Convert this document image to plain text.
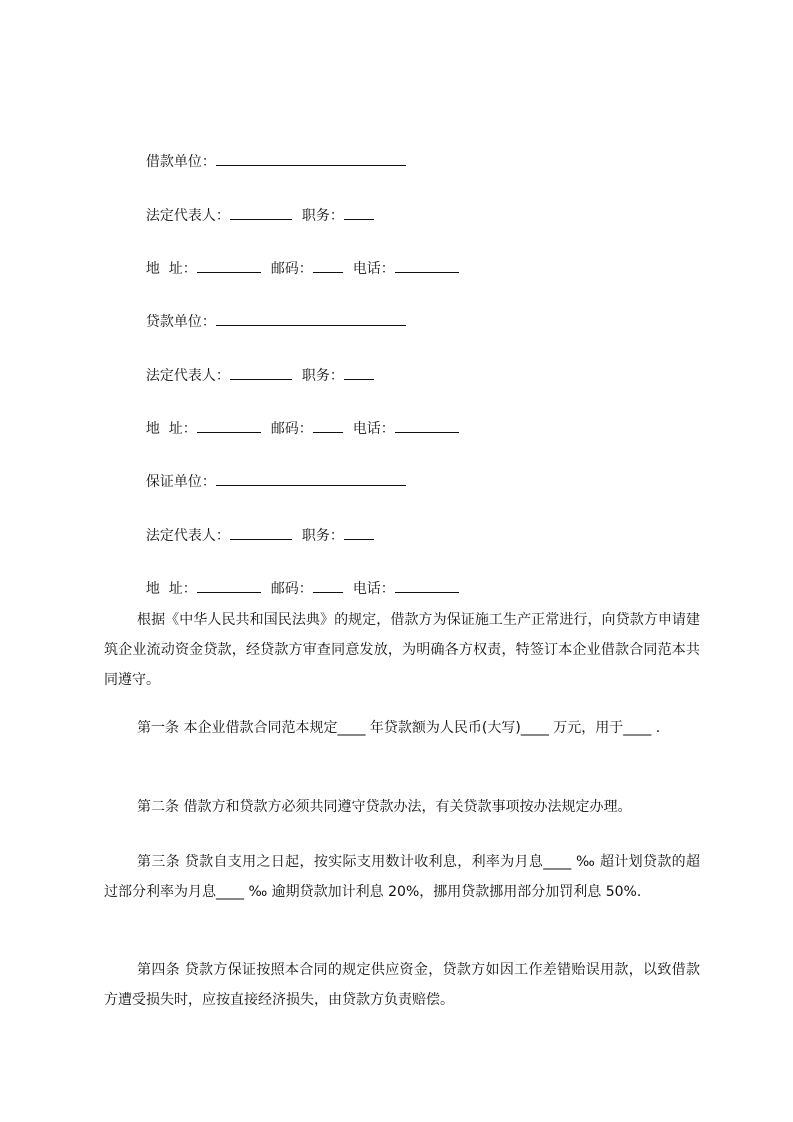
借款单位：

法定代表人：	职务：

地  址：	邮码：	电话：

贷款单位：

法定代表人：	职务：

地  址：	邮码：	电话：

保证单位：

法定代表人：	职务：

地  址：	邮码：	电话：

根据《中华人民共和国民法典》的规定，借款方为保证施工生产正常进行，向贷款方申请建筑企业流动资金贷款，经贷款方审查同意发放，为明确各方权责，特签订本企业借款合同范本共同遵守。

第一条 本企业借款合同范本规定____ 年贷款额为人民币(大写)____ 万元，用于____ .

第二条 借款方和贷款方必须共同遵守贷款办法，有关贷款事项按办法规定办理。

第三条 贷款自支用之日起，按实际支用数计收利息，利率为月息____ ‰ 超计划贷款的超过部分利率为月息____ ‰ 逾期贷款加计利息 20%，挪用贷款挪用部分加罚利息 50%.

第四条 贷款方保证按照本合同的规定供应资金，贷款方如因工作差错贻误用款，以致借款方遭受损失时，应按直接经济损失，由贷款方负责赔偿。
